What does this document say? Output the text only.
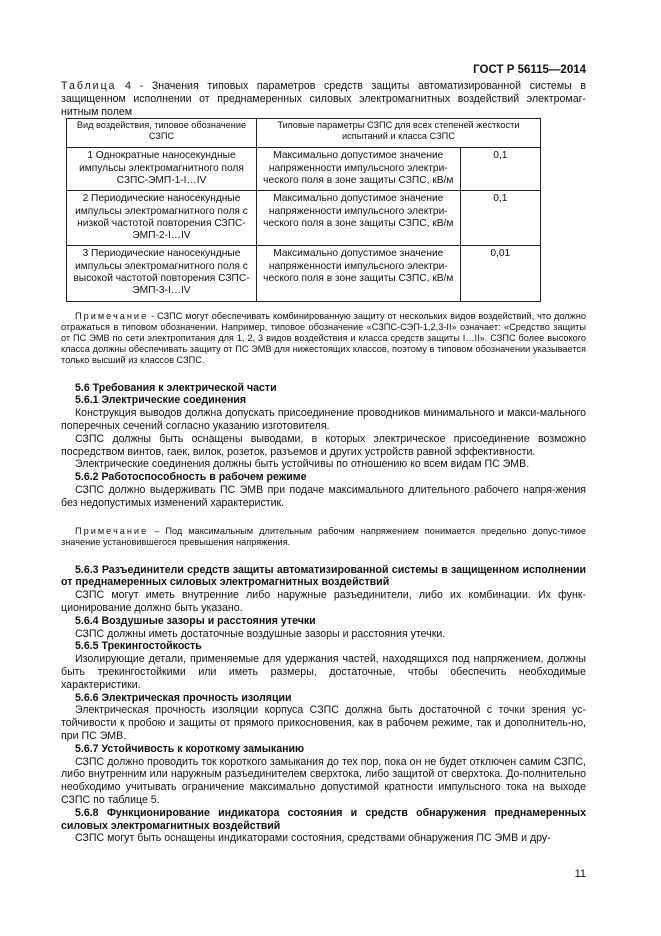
ГОСТ Р 56115—2014

Таблица 4 - Значения типовых параметров средств защиты автоматизированной системы в защищенном исполнении от преднамеренных силовых электромагнитных воздействий электромаг-нитным полем

Вид воздействия, типовое обозначение СЗПС	Типовые параметры СЗПС для всех степеней жесткости испытаний и класса СЗПС	
1 Однократные наносекундные импульсы электромагнитного поля СЗПС-ЭМП-1-I…IV	Максимально допустимое значение напряженности импульсного электри-ческого поля в зоне защиты СЗПС, кВ/м	0,1
2 Периодические наносекундные импульсы электромагнитного поля с низкой частотой повторения СЗПС-ЭМП-2-I…IV	Максимально допустимое значение напряженности импульсного электри-ческого поля в зоне защиты СЗПС, кВ/м	0,1
3 Периодические наносекундные импульсы электромагнитного поля с высокой частотой повторения СЗПС-ЭМП-3-I…IV	Максимально допустимое значение напряженности импульсного электри-ческого поля в зоне защиты СЗПС, кВ/м	0,01

Примечание - СЗПС могут обеспечивать комбинированную защиту от нескольких видов воздействий, что должно отражаться в типовом обозначении. Например, типовое обозначение «СЗПС-СЭП-1,2,3-II» означает: «Средство защиты от ПС ЭМВ по сети электропитания для 1, 2, 3 видов воздействия и класса средств защиты I…II». СЗПС более высокого класса должны обеспечивать защиту от ПС ЭМВ для нижестоящих классов, поэтому в типовом обозначении указывается только высший из классов СЗПС.

5.6 Требования к электрической части

5.6.1 Электрические соединения

Конструкция выводов должна допускать присоединение проводников минимального и макси-мального поперечных сечений согласно указанию изготовителя.

СЗПС должны быть оснащены выводами, в которых электрическое присоединение возможно посредством винтов, гаек, вилок, розеток, разъемов и других устройств равной эффективности.

Электрические соединения должны быть устойчивы по отношению ко всем видам ПС ЭМВ.

5.6.2 Работоспособность в рабочем режиме

СЗПС должно выдерживать ПС ЭМВ при подаче максимального длительного рабочего напря-жения без недопустимых изменений характеристик.

Примечание – Под максимальным длительным рабочим напряжением понимается предельно допус-тимое значение установившегося превышения напряжения.

5.6.3 Разъединители средств защиты автоматизированной системы в защищенном исполнении от преднамеренных силовых электромагнитных воздействий

СЗПС могут иметь внутренние либо наружные разъединители, либо их комбинации. Их функ-ционирование должно быть указано.

5.6.4 Воздушные зазоры и расстояния утечки

СЗПС должны иметь достаточные воздушные зазоры и расстояния утечки.

5.6.5 Трекингостойкость

Изолирующие детали, применяемые для удержания частей, находящихся под напряжением, должны быть трекингостойкими или иметь размеры, достаточные, чтобы обеспечить необходимые характеристики.

5.6.6 Электрическая прочность изоляции

Электрическая прочность изоляции корпуса СЗПС должна быть достаточной с точки зрения ус-тойчивости к пробою и защиты от прямого прикосновения, как в рабочем режиме, так и дополнитель-но, при ПС ЭМВ.

5.6.7 Устойчивость к короткому замыканию

СЗПС должно проводить ток короткого замыкания до тех пор, пока он не будет отключен самим СЗПС, либо внутренним или наружным разъединителем сверхтока, либо защитой от сверхтока. До-полнительно необходимо учитывать ограничение максимально допустимой кратности импульсного тока на выходе СЗПС по таблице 5.

5.6.8 Функционирование индикатора состояния и средств обнаружения преднамеренных силовых электромагнитных воздействий

СЗПС могут быть оснащены индикаторами состояния, средствами обнаружения ПС ЭМВ и дру-

11
